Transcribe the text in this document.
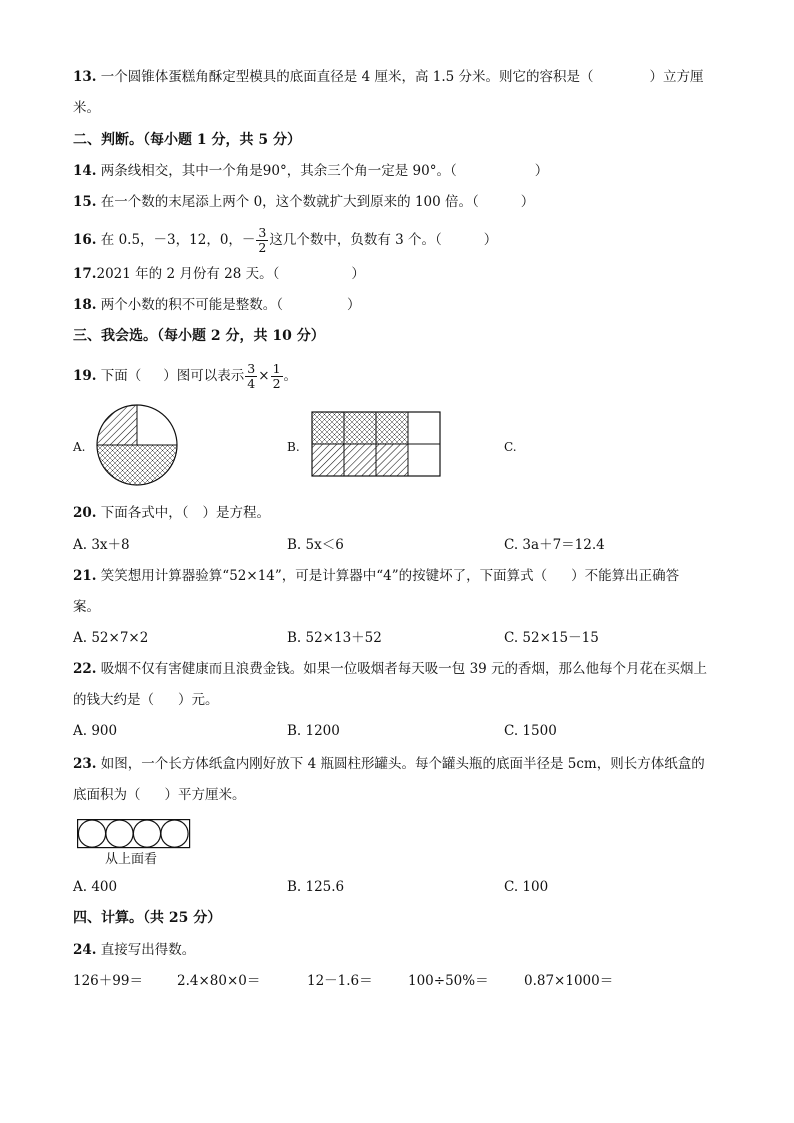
13. 一个圆锥体蛋糕角酥定型模具的底面直径是 4 厘米，高 1.5 分米。则它的容积是（	）立方厘
米。
二、判断。（每小题 1 分，共 5 分）
14. 两条线相交，其中一个角是90°，其余三个角一定是 90°。（	）
15. 在一个数的末尾添上两个 0，这个数就扩大到原来的 100 倍。（	）
16. 在 0.5，－3，12，0，－ $\frac{3}{2}$ 这几个数中，负数有 3 个。（	）
17.2021 年的 2 月份有 28 天。（	）
18. 两个小数的积不可能是整数。（	）
三、我会选。（每小题 2 分，共 10 分）
19. 下面（ ）图可以表示 $\frac{3}{4} \times \frac{1}{2}$ 。
A.	B.	C.
20. 下面各式中，（ ）是方程。
A. 3x＋8	B. 5x＜6	C. 3a＋7＝12.4
21. 笑笑想用计算器验算“52×14”，可是计算器中“4”的按键坏了，下面算式（ ）不能算出正确答
案。
A. 52×7×2	B. 52×13＋52	C. 52×15－15
22. 吸烟不仅有害健康而且浪费金钱。如果一位吸烟者每天吸一包 39 元的香烟，那么他每个月花在买烟上
的钱大约是（ ）元。
A. 900	B. 1200	C. 1500
23. 如图，一个长方体纸盒内刚好放下 4 瓶圆柱形罐头。每个罐头瓶的底面半径是 5cm，则长方体纸盒的
底面积为（ ）平方厘米。
从上面看
A. 400	B. 125.6	C. 100
四、计算。（共 25 分）
24. 直接写出得数。
126＋99＝	2.4×80×0＝	12－1.6＝	100÷50%＝	0.87×1000＝
